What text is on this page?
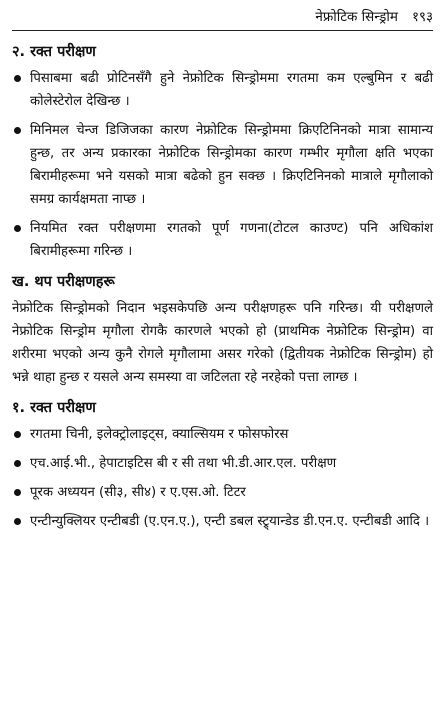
नेफ्रोटिक सिन्ड्रोम १९३
२. रक्त परीक्षण
पिसाबमा बढी प्रोटिनसँगै हुने नेफ्रोटिक सिन्ड्रोममा रगतमा कम एल्बुमिन र बढी कोलेस्टेरोल देखिन्छ ।
मिनिमल चेन्ज डिजिजका कारण नेफ्रोटिक सिन्ड्रोममा क्रिएटिनिनको मात्रा सामान्य हुन्छ, तर अन्य प्रकारका नेफ्रोटिक सिन्ड्रोमका कारण गम्भीर मृगौला क्षति भएका बिरामीहरूमा भने यसको मात्रा बढेको हुन सक्छ । क्रिएटिनिनको मात्राले मृगौलाको समग्र कार्यक्षमता नाप्छ ।
नियमित रक्त परीक्षणमा रगतको पूर्ण गणना(टोटल काउण्ट) पनि अधिकांश बिरामीहरूमा गरिन्छ ।
ख. थप परीक्षणहरू

नेफ्रोटिक सिन्ड्रोमको निदान भइसकेपछि अन्य परीक्षणहरू पनि गरिन्छ। यी परीक्षणले नेफ्रोटिक सिन्ड्रोम मृगौला रोगकै कारणले भएको हो (प्राथमिक नेफ्रोटिक सिन्ड्रोम) वा शरीरमा भएको अन्य कुनै रोगले मृगौलामा असर गरेको (द्वितीयक नेफ्रोटिक सिन्ड्रोम) हो भन्ने थाहा हुन्छ र यसले अन्य समस्या वा जटिलता रहे नरहेको पत्ता लाग्छ ।

१. रक्त परीक्षण
रगतमा चिनी, इलेक्ट्रोलाइट्स, क्याल्सियम र फोसफोरस
एच.आई.भी., हेपाटाइटिस बी र सी तथा भी.डी.आर.एल. परीक्षण
पूरक अध्ययन (सी३, सी४) र ए.एस.ओ. टिटर
एन्टीन्युक्लियर एन्टीबडी (ए.एन.ए.), एन्टी डबल स्ट्र्यान्डेड डी.एन.ए. एन्टीबडी आदि ।
